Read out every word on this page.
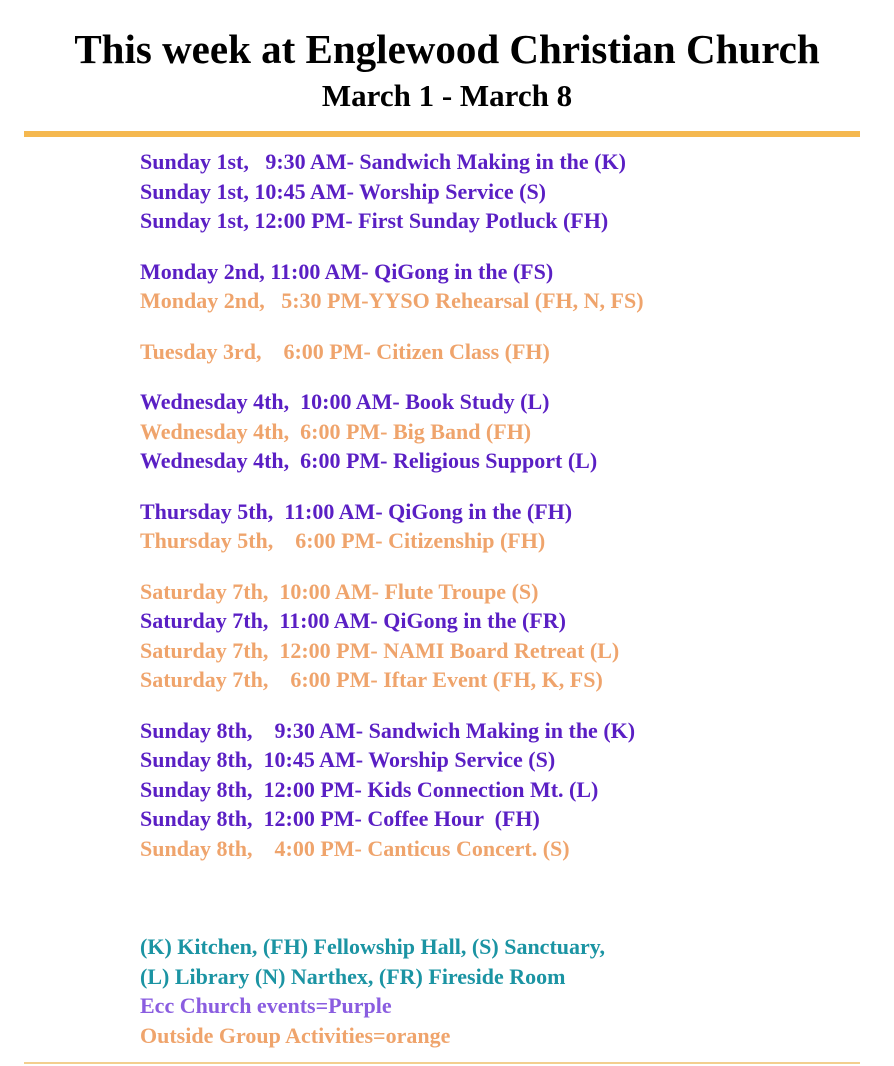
This week at Englewood Christian Church
March 1 - March 8
Sunday 1st,   9:30 AM- Sandwich Making in the (K)
Sunday 1st, 10:45 AM- Worship Service (S)
Sunday 1st, 12:00 PM- First Sunday Potluck (FH)
Monday 2nd, 11:00 AM- QiGong in the (FS)
Monday 2nd,   5:30 PM-YYSO Rehearsal (FH, N, FS)
Tuesday 3rd,    6:00 PM- Citizen Class (FH)
Wednesday 4th,  10:00 AM- Book Study (L)
Wednesday 4th,  6:00 PM- Big Band (FH)
Wednesday 4th,  6:00 PM- Religious Support (L)
Thursday 5th,  11:00 AM- QiGong in the (FH)
Thursday 5th,    6:00 PM- Citizenship (FH)
Saturday 7th,  10:00 AM- Flute Troupe (S)
Saturday 7th,  11:00 AM- QiGong in the (FR)
Saturday 7th,  12:00 PM- NAMI Board Retreat (L)
Saturday 7th,    6:00 PM- Iftar Event (FH, K, FS)
Sunday 8th,    9:30 AM- Sandwich Making in the (K)
Sunday 8th,  10:45 AM- Worship Service (S)
Sunday 8th,  12:00 PM- Kids Connection Mt. (L)
Sunday 8th,  12:00 PM- Coffee Hour  (FH)
Sunday 8th,    4:00 PM- Canticus Concert. (S)
(K) Kitchen, (FH) Fellowship Hall, (S) Sanctuary,
(L) Library (N) Narthex, (FR) Fireside Room
Ecc Church events=Purple
Outside Group Activities=orange
